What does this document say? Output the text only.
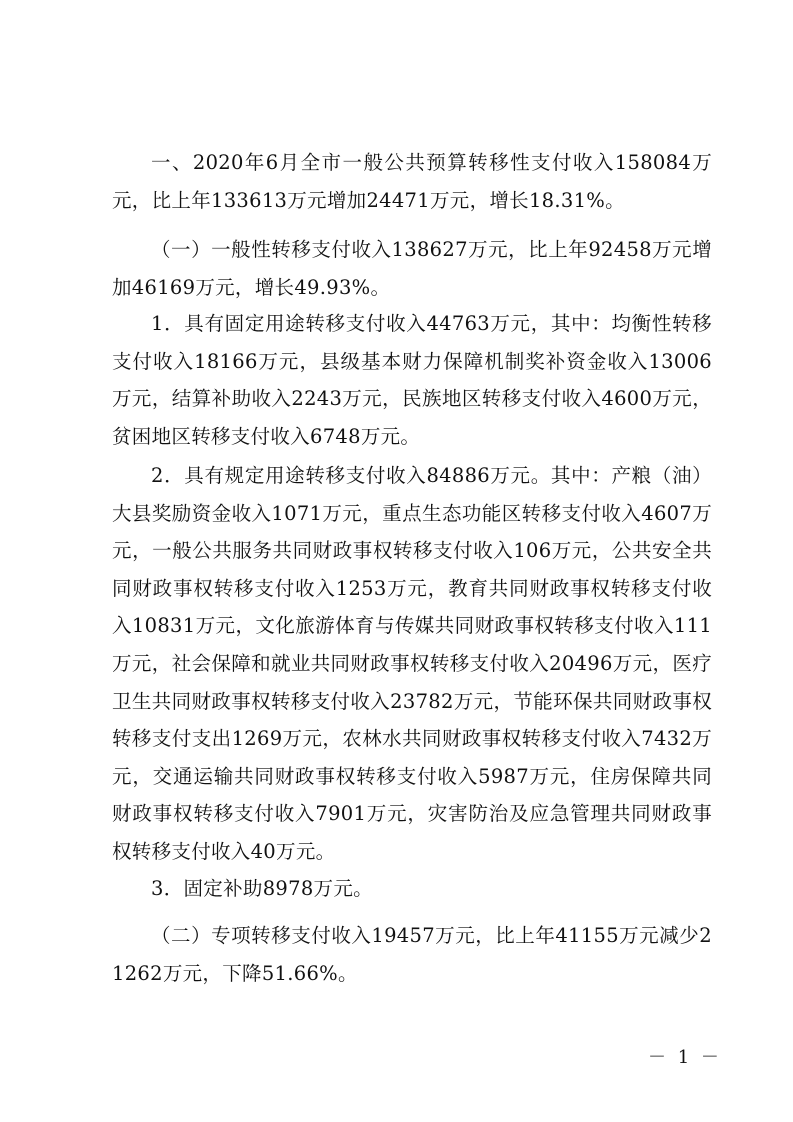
一、2020年6月全市一般公共预算转移性支付收入158084万元，比上年133613万元增加24471万元，增长18.31%。

（一）一般性转移支付收入138627万元，比上年92458万元增加46169万元，增长49.93%。

1．具有固定用途转移支付收入44763万元，其中：均衡性转移支付收入18166万元，县级基本财力保障机制奖补资金收入13006万元，结算补助收入2243万元，民族地区转移支付收入4600万元，贫困地区转移支付收入6748万元。

2．具有规定用途转移支付收入84886万元。其中：产粮（油）大县奖励资金收入1071万元，重点生态功能区转移支付收入4607万元，一般公共服务共同财政事权转移支付收入106万元，公共安全共同财政事权转移支付收入1253万元，教育共同财政事权转移支付收入10831万元，文化旅游体育与传媒共同财政事权转移支付收入111万元，社会保障和就业共同财政事权转移支付收入20496万元，医疗卫生共同财政事权转移支付收入23782万元，节能环保共同财政事权转移支付支出1269万元，农林水共同财政事权转移支付收入7432万元，交通运输共同财政事权转移支付收入5987万元，住房保障共同财政事权转移支付收入7901万元，灾害防治及应急管理共同财政事权转移支付收入40万元。

3．固定补助8978万元。

（二）专项转移支付收入19457万元，比上年41155万元减少21262万元，下降51.66%。

－ 1 －
